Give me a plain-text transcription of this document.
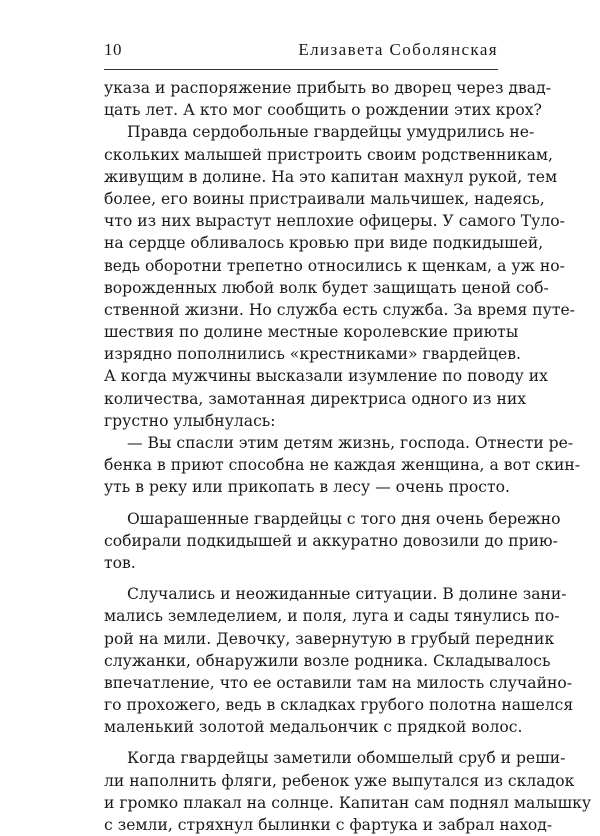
10	Елизавета Соболянская
указа и распоряжение прибыть во дворец через двад-
цать лет. А кто мог сообщить о рождении этих крох?
Правда сердобольные гвардейцы умудрились не-
скольких малышей пристроить своим родственникам,
живущим в долине. На это капитан махнул рукой, тем
более, его воины пристраивали мальчишек, надеясь,
что из них вырастут неплохие офицеры. У самого Туло-
на сердце обливалось кровью при виде подкидышей,
ведь оборотни трепетно относились к щенкам, а уж но-
ворожденных любой волк будет защищать ценой соб-
ственной жизни. Но служба есть служба. За время путе-
шествия по долине местные королевские приюты
изрядно пополнились «крестниками» гвардейцев.
А когда мужчины высказали изумление по поводу их
количества, замотанная директриса одного из них
грустно улыбнулась:
— Вы спасли этим детям жизнь, господа. Отнести ре-
бенка в приют способна не каждая женщина, а вот скин-
уть в реку или прикопать в лесу — очень просто.
Ошарашенные гвардейцы с того дня очень бережно
собирали подкидышей и аккуратно довозили до прию-
тов.
Случались и неожиданные ситуации. В долине зани-
мались земледелием, и поля, луга и сады тянулись по-
рой на мили. Девочку, завернутую в грубый передник
служанки, обнаружили возле родника. Складывалось
впечатление, что ее оставили там на милость случайно-
го прохожего, ведь в складках грубого полотна нашелся
маленький золотой медальончик с прядкой волос.
Когда гвардейцы заметили обомшелый сруб и реши-
ли наполнить фляги, ребенок уже выпутался из складок
и громко плакал на солнце. Капитан сам поднял малышку
с земли, стряхнул былинки с фартука и забрал наход-
